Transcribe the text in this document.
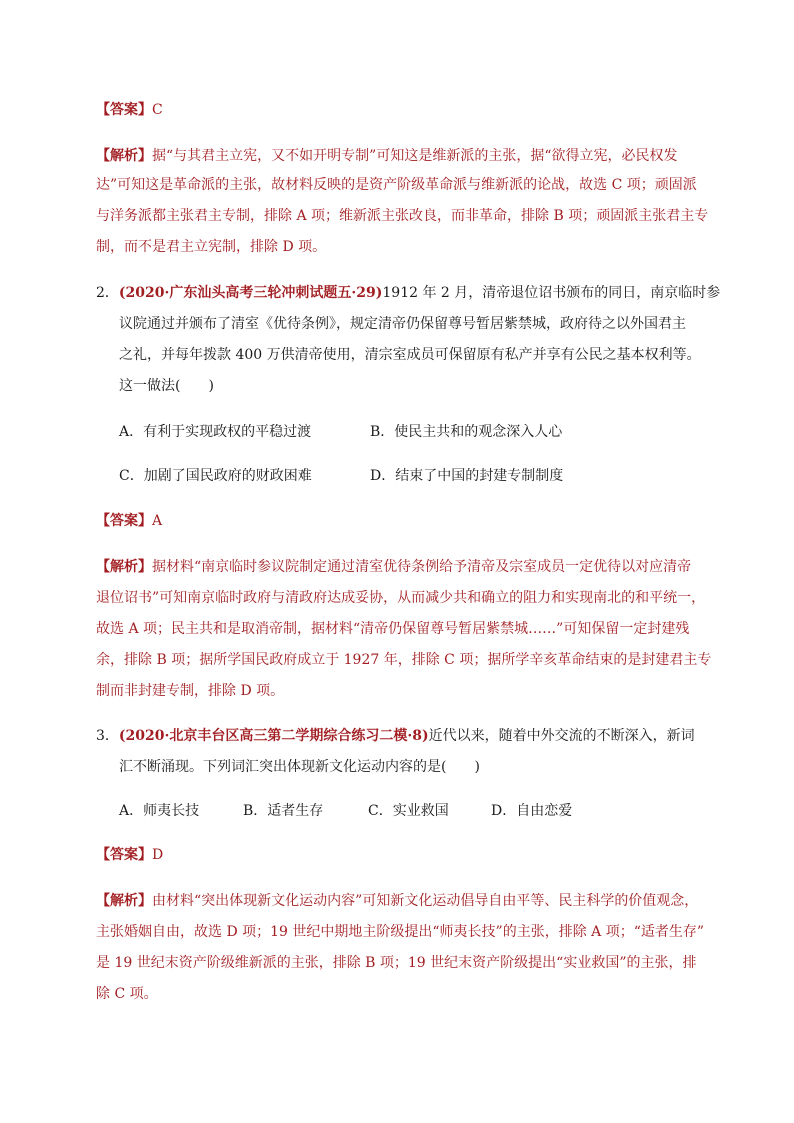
【答案】C
【解析】据“与其君主立宪，又不如开明专制”可知这是维新派的主张，据“欲得立宪，必民权发
达”可知这是革命派的主张，故材料反映的是资产阶级革命派与维新派的论战，故选 C 项；顽固派
与洋务派都主张君主专制，排除 A 项；维新派主张改良，而非革命，排除 B 项；顽固派主张君主专
制，而不是君主立宪制，排除 D 项。
2．(2020·广东汕头高考三轮冲刺试题五·29)1912 年 2 月，清帝退位诏书颁布的同日，南京临时参
议院通过并颁布了清室《优待条例》，规定清帝仍保留尊号暂居紫禁城，政府待之以外国君主
之礼，并每年拨款 400 万供清帝使用，清宗室成员可保留原有私产并享有公民之基本权利等。
这一做法(　　)
A．有利于实现政权的平稳过渡	B．使民主共和的观念深入人心
C．加剧了国民政府的财政困难	D．结束了中国的封建专制制度
【答案】A
【解析】据材料“南京临时参议院制定通过清室优待条例给予清帝及宗室成员一定优待以对应清帝
退位诏书”可知南京临时政府与清政府达成妥协，从而减少共和确立的阻力和实现南北的和平统一，
故选 A 项；民主共和是取消帝制，据材料“清帝仍保留尊号暂居紫禁城……”可知保留一定封建残
余，排除 B 项；据所学国民政府成立于 1927 年，排除 C 项；据所学辛亥革命结束的是封建君主专
制而非封建专制，排除 D 项。
3．(2020·北京丰台区高三第二学期综合练习二模·8)近代以来，随着中外交流的不断深入，新词
汇不断涌现。下列词汇突出体现新文化运动内容的是(　　)
A．师夷长技	B．适者生存	C．实业救国	D．自由恋爱
【答案】D
【解析】由材料“突出体现新文化运动内容”可知新文化运动倡导自由平等、民主科学的价值观念，
主张婚姻自由，故选 D 项；19 世纪中期地主阶级提出“师夷长技”的主张，排除 A 项；“适者生存”
是 19 世纪末资产阶级维新派的主张，排除 B 项；19 世纪末资产阶级提出“实业救国”的主张，排
除 C 项。
